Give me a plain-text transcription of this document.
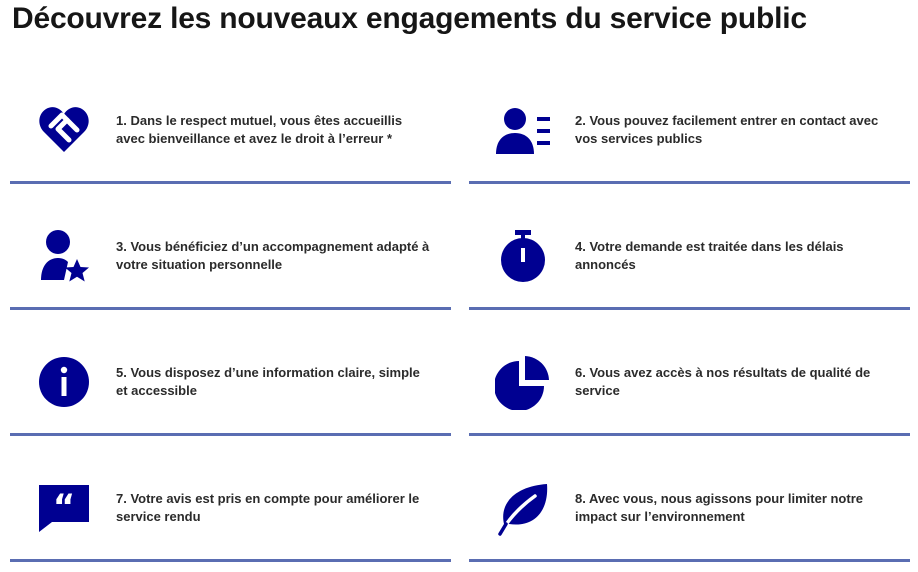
Découvrez les nouveaux engagements du service public
1. Dans le respect mutuel, vous êtes accueillis avec bienveillance et avez le droit à l’erreur *
2. Vous pouvez facilement entrer en contact avec vos services publics
3. Vous bénéficiez d’un accompagnement adapté à votre situation personnelle
4. Votre demande est traitée dans les délais annoncés
5. Vous disposez d’une information claire, simple et accessible
6. Vous avez accès à nos résultats de qualité de service
“	7. Votre avis est pris en compte pour améliorer le service rendu
8. Avec vous, nous agissons pour limiter notre impact sur l’environnement
